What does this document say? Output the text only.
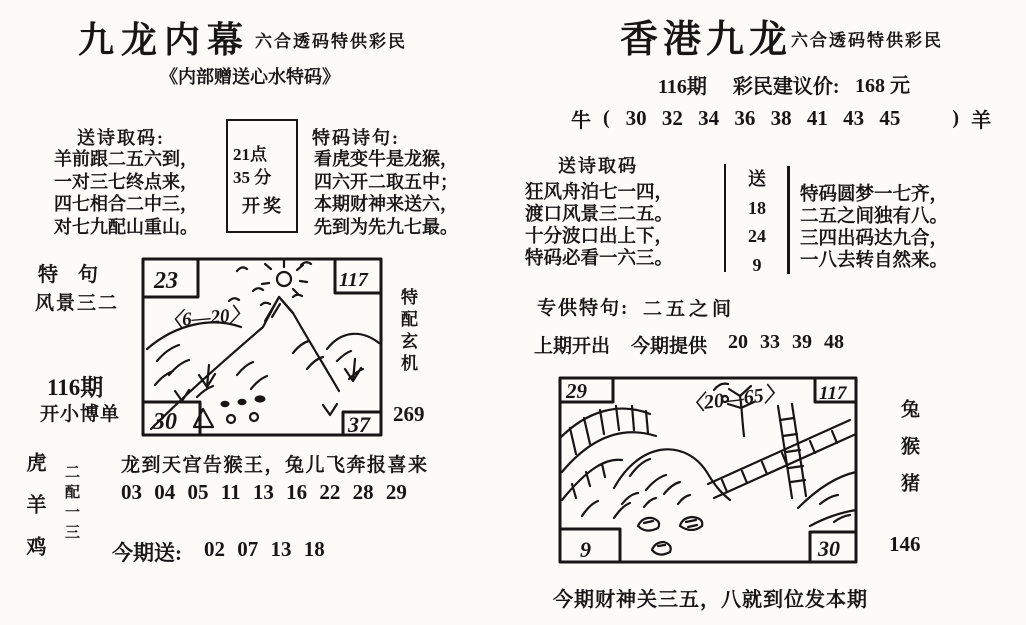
九龙内幕 六合透码特供彩民
《内部赠送心水特码》
送诗取码:
羊前跟二五六到，
一对三七终点来，
四七相合二中三，
对七九配山重山。
21点
35 分
开奖
特码诗句:
看虎变牛是龙猴，
四六开二取五中；
本期财神来送六，
先到为先九七最。
特    句
风景三二
116期
开小博单
23	117
30	37
〈6—20〉	特配玄机
269
虎羊鸡 二配一三 龙到天宫告猴王，兔儿飞奔报喜来
03 04 05 11 13 16 22 28 29
今期送: 02 07 13 18
香港九龙
六合透码特供彩民
116期 彩民建议价: 168 元
牛 ( 30 32 34 36 38 41 43 45	) 羊
送诗取码
狂风舟泊七一四，
渡口风景三二五。
十分波口出上下，
特码必看一六三。
送
18
24
9
特码圆梦一七齐，
二五之间独有八。
三四出码达九合，
一八去转自然来。
专供特句: 二五之间
上期开出 今期提供 20 33 39 48
29	117
9	30
〈20—65〉	兔猴猪
146
今期财神关三五，八就到位发本期
